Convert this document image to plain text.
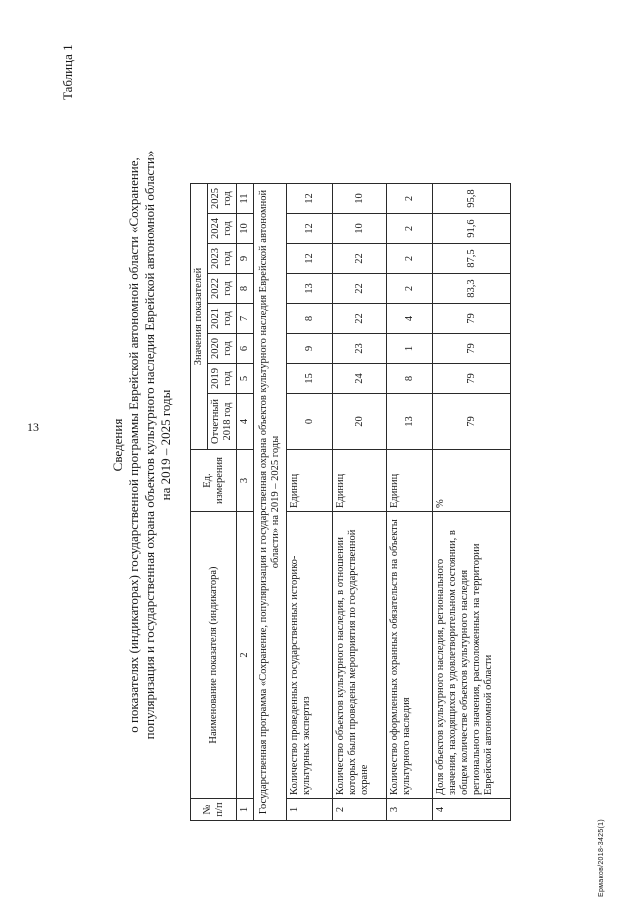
13
Таблица 1
Сведения о показателях (индикаторах) государственной программы Еврейской автономной области «Сохранение, популяризация и государственная охрана объектов культурного наследия Еврейской автономной области» на 2019 – 2025 годы
№ п/п	Наименование показателя (индикатора)	Ед. измерения	Значения показателей							
			Отчетный 2018 год	2019 год	2020 год	2021 год	2022 год	2023 год	2024 год	2025 год
1	2	3	4	5	6	7	8	9	10	11
Государственная программа «Сохранение, популяризация и государственная охрана объектов культурного наследия Еврейской автономной области» на 2019 – 2025 годы										
1	Количество проведенных государственных историко-культурных экспертиз	Единиц	0	15	9	8	13	12	12	12
2	Количество объектов культурного наследия, в отношении которых были проведены мероприятия по государственной охране	Единиц	20	24	23	22	22	22	10	10
3	Количество оформленных охранных обязательств на объекты культурного наследия	Единиц	13	8	1	4	2	2	2	2
4	Доля объектов культурного наследия, регионального значения, находящихся в удовлетворительном состоянии, в общем количестве объектов культурного наследия регионального значения, расположенных на территории Еврейской автономной области	%	79	79	79	79	83,3	87,5	91,6	95,8
Ермаков/2018-3425(1)
